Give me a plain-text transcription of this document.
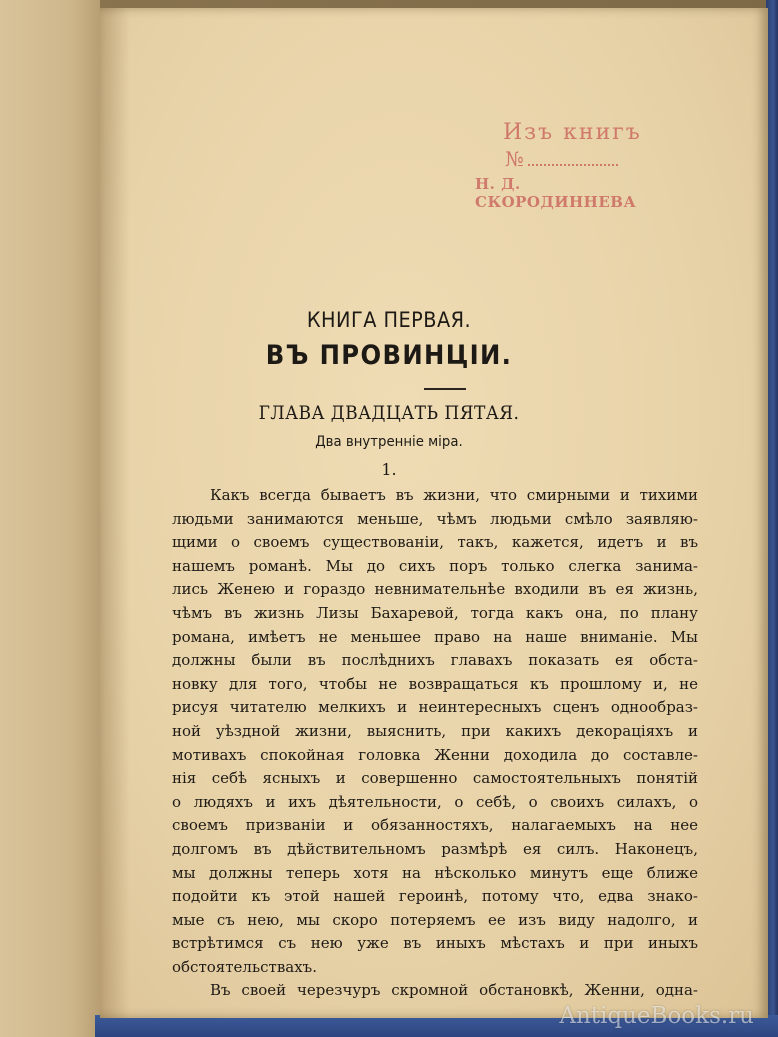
Изъ книгъ
№
Н. Д. СКОРОДИННЕВА
КНИГА ПЕРВАЯ.
ВЪ ПРОВИНЦІИ.
ГЛАВА ДВАДЦАТЬ ПЯТАЯ.
Два внутренніе міра.
1.
Какъ всегда бываетъ въ жизни, что смирными и тихими
людьми занимаются меньше, чѣмъ людьми смѣло заявляю-
щими о своемъ существованіи, такъ, кажется, идетъ и въ
нашемъ романѣ. Мы до сихъ поръ только слегка занима-
лись Женею и гораздо невнимательнѣе входили въ ея жизнь,
чѣмъ въ жизнь Лизы Бахаревой, тогда какъ она, по плану
романа, имѣетъ не меньшее право на наше вниманіе. Мы
должны были въ послѣднихъ главахъ показать ея обста-
новку для того, чтобы не возвращаться къ прошлому и, не
рисуя читателю мелкихъ и неинтересныхъ сценъ однообраз-
ной уѣздной жизни, выяснить, при какихъ декораціяхъ и
мотивахъ спокойная головка Женни доходила до составле-
нія себѣ ясныхъ и совершенно самостоятельныхъ понятій
о людяхъ и ихъ дѣятельности, о себѣ, о своихъ силахъ, о
своемъ призваніи и обязанностяхъ, налагаемыхъ на нее
долгомъ въ дѣйствительномъ размѣрѣ ея силъ. Наконецъ,
мы должны теперь хотя на нѣсколько минутъ еще ближе
подойти къ этой нашей героинѣ, потому что, едва знако-
мые съ нею, мы скоро потеряемъ ее изъ виду надолго, и
встрѣтимся съ нею уже въ иныхъ мѣстахъ и при иныхъ
обстоятельствахъ.
Въ своей черезчуръ скромной обстановкѣ, Женни, одна-
AntiqueBooks.ru
